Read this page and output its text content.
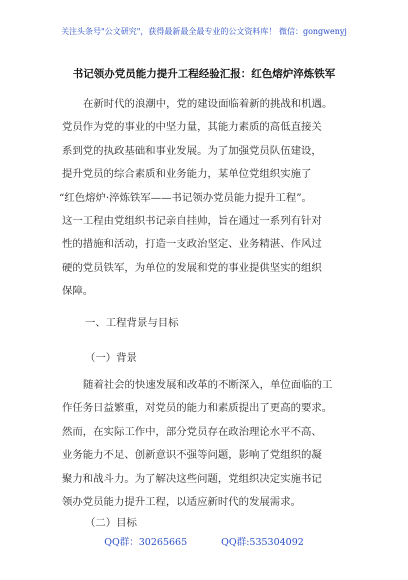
关注头条号"公文研究"，获得最新最全最专业的公文资料库！ 微信：gongwenyj
书记领办党员能力提升工程经验汇报：红色熔炉淬炼铁军
在新时代的浪潮中，党的建设面临着新的挑战和机遇。
党员作为党的事业的中坚力量，其能力素质的高低直接关
系到党的执政基础和事业发展。为了加强党员队伍建设，
提升党员的综合素质和业务能力，某单位党组织实施了
“红色熔炉·淬炼铁军——书记领办党员能力提升工程”。
这一工程由党组织书记亲自挂帅，旨在通过一系列有针对
性的措施和活动，打造一支政治坚定、业务精湛、作风过
硬的党员铁军，为单位的发展和党的事业提供坚实的组织
保障。
一、工程背景与目标
（一）背景
随着社会的快速发展和改革的不断深入，单位面临的工
作任务日益繁重，对党员的能力和素质提出了更高的要求。
然而，在实际工作中，部分党员存在政治理论水平不高、
业务能力不足、创新意识不强等问题，影响了党组织的凝
聚力和战斗力。为了解决这些问题，党组织决定实施书记
领办党员能力提升工程，以适应新时代的发展需求。
（二）目标
QQ群：30265665	QQ群:535304092
